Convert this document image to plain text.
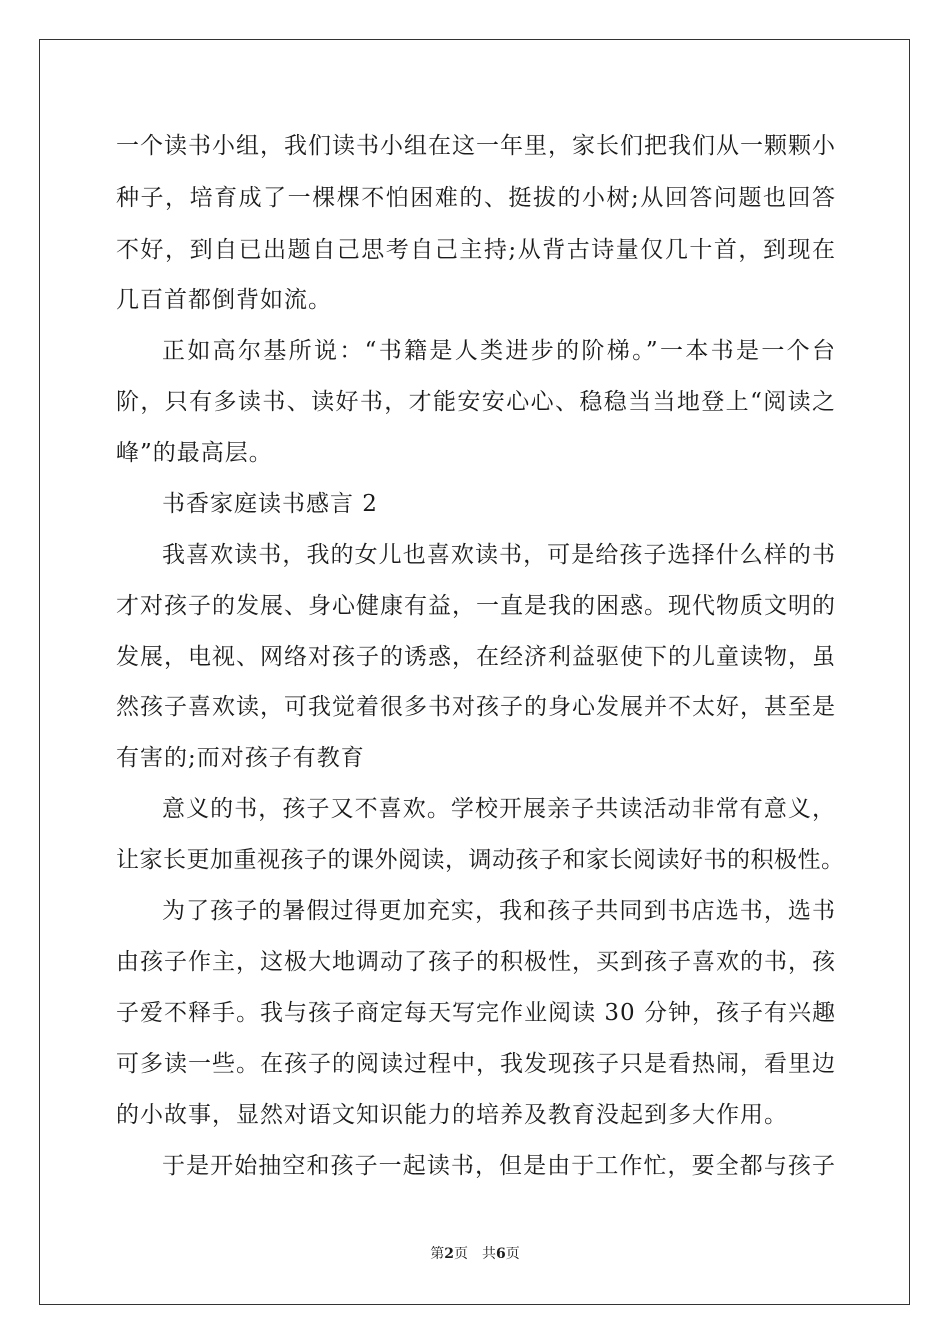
一个读书小组，我们读书小组在这一年里，家长们把我们从一颗颗小
种子，培育成了一棵棵不怕困难的、挺拔的小树;从回答问题也回答
不好，到自已出题自己思考自己主持;从背古诗量仅几十首，到现在
几百首都倒背如流。
正如高尔基所说：“书籍是人类进步的阶梯。”一本书是一个台
阶，只有多读书、读好书，才能安安心心、稳稳当当地登上“阅读之
峰”的最高层。
书香家庭读书感言 2
我喜欢读书，我的女儿也喜欢读书，可是给孩子选择什么样的书
才对孩子的发展、身心健康有益，一直是我的困惑。现代物质文明的
发展，电视、网络对孩子的诱惑，在经济利益驱使下的儿童读物，虽
然孩子喜欢读，可我觉着很多书对孩子的身心发展并不太好，甚至是
有害的;而对孩子有教育
意义的书，孩子又不喜欢。学校开展亲子共读活动非常有意义，
让家长更加重视孩子的课外阅读，调动孩子和家长阅读好书的积极性。
为了孩子的暑假过得更加充实，我和孩子共同到书店选书，选书
由孩子作主，这极大地调动了孩子的积极性，买到孩子喜欢的书，孩
子爱不释手。我与孩子商定每天写完作业阅读 30 分钟，孩子有兴趣
可多读一些。在孩子的阅读过程中，我发现孩子只是看热闹，看里边
的小故事，显然对语文知识能力的培养及教育没起到多大作用。
于是开始抽空和孩子一起读书，但是由于工作忙，要全都与孩子
第2页 共6页
